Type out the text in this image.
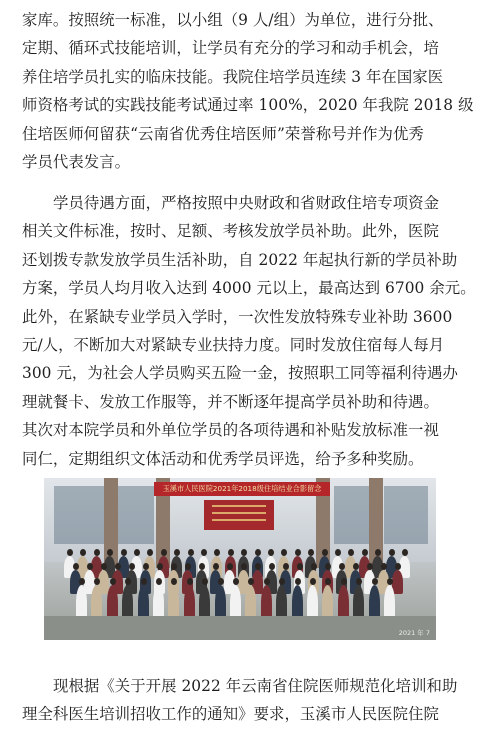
家库。按照统一标准，以小组（9 人/组）为单位，进行分批、
定期、循环式技能培训，让学员有充分的学习和动手机会，培
养住培学员扎实的临床技能。我院住培学员连续 3 年在国家医
师资格考试的实践技能考试通过率 100%，2020 年我院 2018 级
住培医师何留获“云南省优秀住培医师”荣誉称号并作为优秀
学员代表发言。
学员待遇方面，严格按照中央财政和省财政住培专项资金
相关文件标准，按时、足额、考核发放学员补助。此外，医院
还划拨专款发放学员生活补助，自 2022 年起执行新的学员补助
方案，学员人均月收入达到 4000 元以上，最高达到 6700 余元。
此外，在紧缺专业学员入学时，一次性发放特殊专业补助 3600
元/人，不断加大对紧缺专业扶持力度。同时发放住宿每人每月
300 元，为社会人学员购买五险一金，按照职工同等福利待遇办
理就餐卡、发放工作服等，并不断逐年提高学员补助和待遇。
其次对本院学员和外单位学员的各项待遇和补贴发放标准一视
同仁，定期组织文体活动和优秀学员评选，给予多种奖励。
玉溪市人民医院2021年2018级住培结业合影留念
2021 年 7
现根据《关于开展 2022 年云南省住院医师规范化培训和助
理全科医生培训招收工作的通知》要求，玉溪市人民医院住院
